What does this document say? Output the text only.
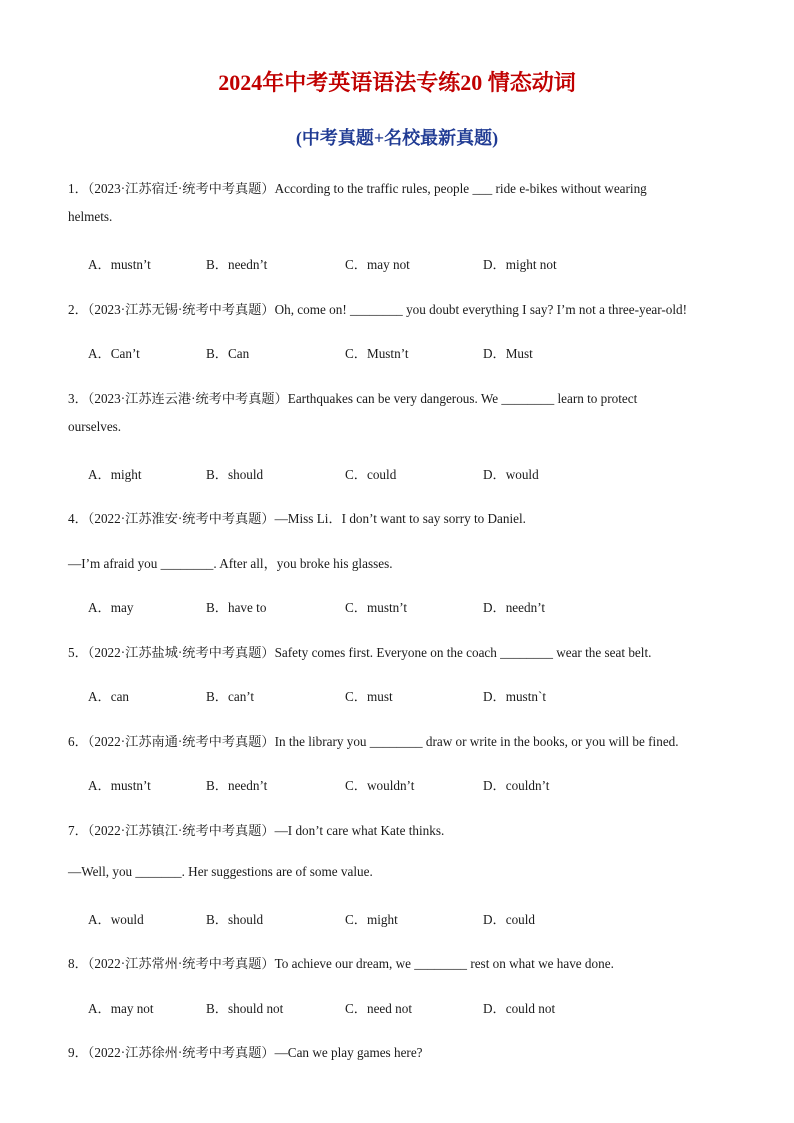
2024年中考英语语法专练20 情态动词
(中考真题+名校最新真题)
1．（2023·江苏宿迁·统考中考真题）According to the traffic rules, people ___ ride e-bikes without wearing
helmets.
A．mustn’t	B．needn’t	C．may not	D．might not
2．（2023·江苏无锡·统考中考真题）Oh, come on! ________ you doubt everything I say? I’m not a three-year-old!
A．Can’t	B．Can	C．Mustn’t	D．Must
3．（2023·江苏连云港·统考中考真题）Earthquakes can be very dangerous. We ________ learn to protect
ourselves.
A．might	B．should	C．could	D．would
4．（2022·江苏淮安·统考中考真题）—Miss Li．I don’t want to say sorry to Daniel.
—I’m afraid you ________. After all，you broke his glasses.
A．may	B．have to	C．mustn’t	D．needn’t
5．（2022·江苏盐城·统考中考真题）Safety comes first. Everyone on the coach ________ wear the seat belt.
A．can	B．can’t	C．must	D．mustn`t
6．（2022·江苏南通·统考中考真题）In the library you ________ draw or write in the books, or you will be fined.
A．mustn’t	B．needn’t	C．wouldn’t	D．couldn’t
7．（2022·江苏镇江·统考中考真题）—I don’t care what Kate thinks.
—Well, you _______. Her suggestions are of some value.
A．would	B．should	C．might	D．could
8．（2022·江苏常州·统考中考真题）To achieve our dream, we ________ rest on what we have done.
A．may not	B．should not	C．need not	D．could not
9．（2022·江苏徐州·统考中考真题）—Can we play games here?
